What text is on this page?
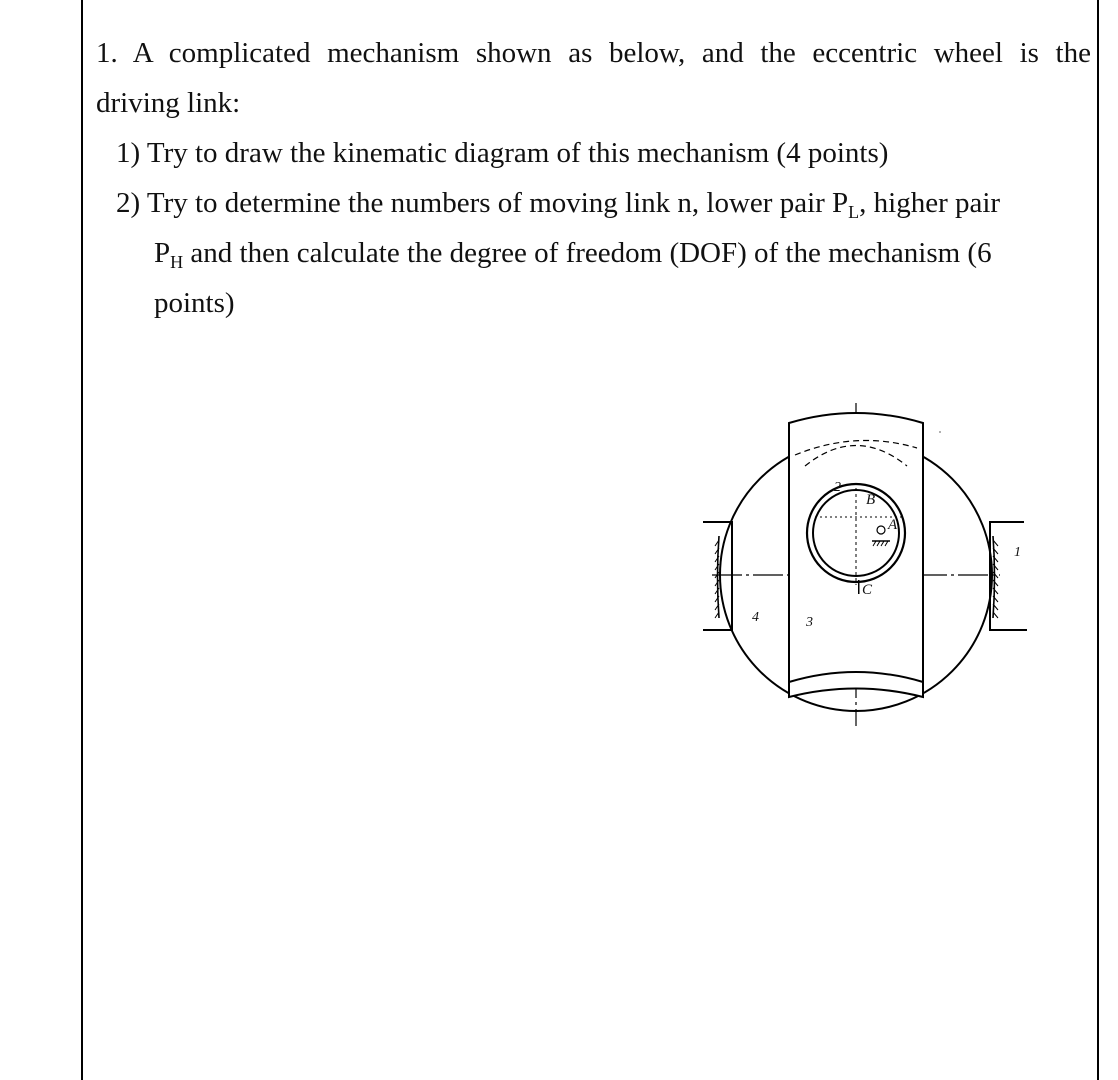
1. A complicated mechanism shown as below, and the eccentric wheel is the
driving link:
1) Try to draw the kinematic diagram of this mechanism (4 points)
2) Try to determine the numbers of moving link n, lower pair $P_L$, higher pair
$P_H$ and then calculate the degree of freedom (DOF) of the mechanism (6
points)
2
B
A
C
1
4	3
